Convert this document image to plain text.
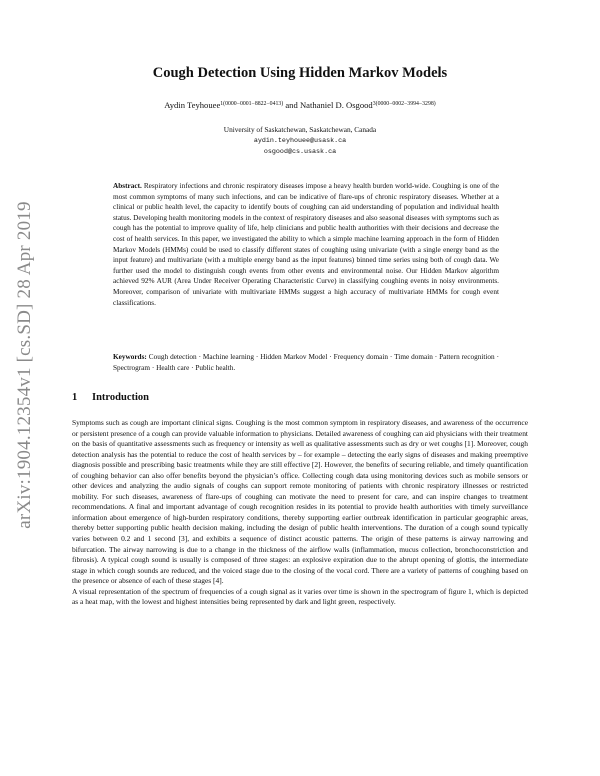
arXiv:1904.12354v1 [cs.SD] 28 Apr 2019
Cough Detection Using Hidden Markov Models
Aydin Teyhouee$^{1(0000-0001-8822-0413)}$ and Nathaniel D. Osgood$^{3(0000-0002-3994-3298)}$
University of Saskatchewan, Saskatchewan, Canada
aydin.teyhouee@usask.ca
osgood@cs.usask.ca

Abstract. Respiratory infections and chronic respiratory diseases impose a heavy health burden world-wide. Coughing is one of the most common symptoms of many such infections, and can be indicative of flare-ups of chronic respiratory diseases. Whether at a clinical or public health level, the capacity to identify bouts of coughing can aid understanding of population and individual health status. Developing health monitoring models in the context of respiratory diseases and also seasonal diseases with symptoms such as cough has the potential to improve quality of life, help clinicians and public health authorities with their decisions and decrease the cost of health services. In this paper, we investigated the ability to which a simple machine learning approach in the form of Hidden Markov Models (HMMs) could be used to classify different states of coughing using univariate (with a single energy band as the input feature) and multivariate (with a multiple energy band as the input features) binned time series using both of cough data. We further used the model to distinguish cough events from other events and environmental noise. Our Hidden Markov algorithm achieved 92% AUR (Area Under Receiver Operating Characteristic Curve) in classifying coughing events in noisy environments. Moreover, comparison of univariate with multivariate HMMs suggest a high accuracy of multivariate HMMs for cough event classifications.

Keywords: Cough detection · Machine learning · Hidden Markov Model · Frequency domain · Time domain · Pattern recognition · Spectrogram · Health care · Public health.

1 Introduction

Symptoms such as cough are important clinical signs. Coughing is the most common symptom in respiratory diseases, and awareness of the occurrence or persistent presence of a cough can provide valuable information to physicians. Detailed awareness of coughing can aid physicians with their treatment on the basis of quantitative assessments such as frequency or intensity as well as qualitative assessments such as dry or wet coughs [1]. Moreover, cough detection analysis has the potential to reduce the cost of health services by – for example – detecting the early signs of diseases and making preemptive diagnosis possible and prescribing basic treatments while they are still effective [2]. However, the benefits of securing reliable, and timely quantification of coughing behavior can also offer benefits beyond the physician’s office. Collecting cough data using monitoring devices such as mobile sensors or other devices and analyzing the audio signals of coughs can support remote monitoring of patients with chronic respiratory illnesses or restricted mobility. For such diseases, awareness of flare-ups of coughing can motivate the need to present for care, and can inspire changes to treatment recommendations. A final and important advantage of cough recognition resides in its potential to provide health authorities with timely surveillance information about emergence of high-burden respiratory conditions, thereby supporting earlier outbreak identification in particular geographic areas, thereby better supporting public health decision making, including the design of public health interventions. The duration of a cough sound typically varies between 0.2 and 1 second [3], and exhibits a sequence of distinct acoustic patterns. The origin of these patterns is airway narrowing and bifurcation. The airway narrowing is due to a change in the thickness of the airflow walls (inflammation, mucus collection, bronchoconstriction and fibrosis). A typical cough sound is usually is composed of three stages: an explosive expiration due to the abrupt opening of glottis, the intermediate stage in which cough sounds are reduced, and the voiced stage due to the closing of the vocal cord. There are a variety of patterns of coughing based on the presence or absence of each of these stages [4].

A visual representation of the spectrum of frequencies of a cough signal as it varies over time is shown in the spectrogram of figure 1, which is depicted as a heat map, with the lowest and highest intensities being represented by dark and light green, respectively.
